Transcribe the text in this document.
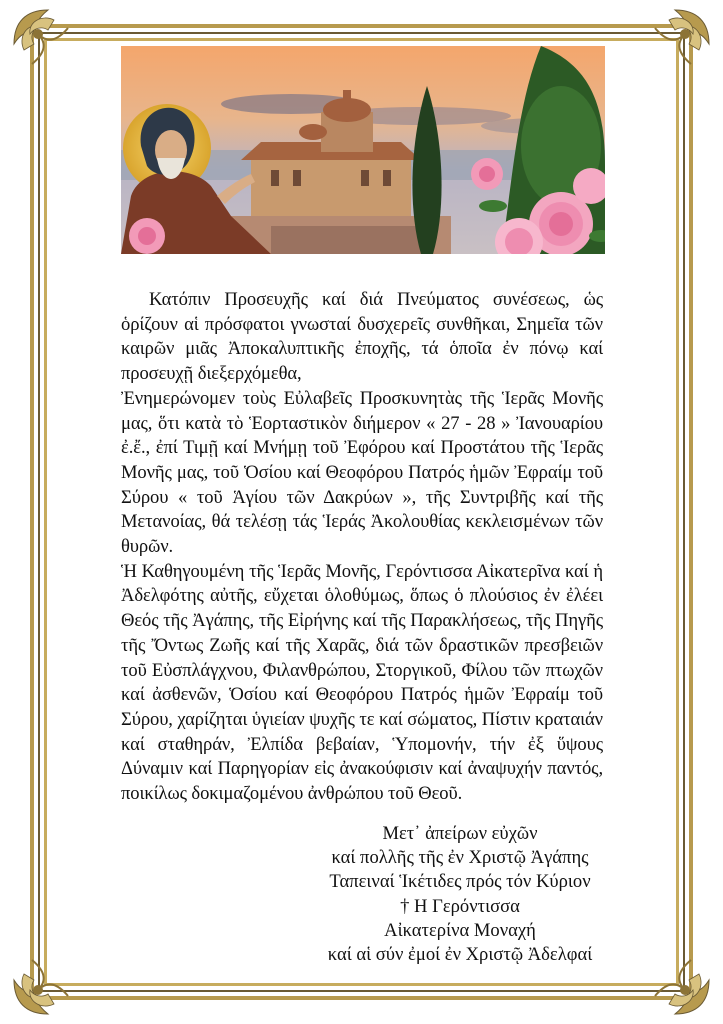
Κατόπιν Προσευχῆς καί διά Πνεύματος συνέσεως, ὡς ὁρίζουν αἱ πρόσφατοι γνωσταί δυσχερεῖς συνθῆκαι, Σημεῖα τῶν καιρῶν μιᾶς Ἀποκαλυπτικῆς ἐποχῆς, τά ὁποῖα ἐν πόνῳ καί προσευχῇ διεξερχόμεθα,

Ἐνημερώνομεν τοὺς Εὐλαβεῖς Προσκυνητὰς τῆς Ἱερᾶς Μονῆς μας, ὅτι κατὰ τὸ Ἑορταστικὸν διήμερον « 27 - 28 » Ἰανουαρίου ἐ.ἔ., ἐπί Τιμῇ καί Μνήμῃ τοῦ Ἐφόρου καί Προστάτου τῆς Ἱερᾶς Μονῆς μας, τοῦ Ὁσίου καί Θεοφόρου Πατρός ἡμῶν Ἐφραίμ τοῦ Σύρου « τοῦ Ἁγίου τῶν Δακρύων », τῆς Συντριβῆς καί τῆς Μετανοίας, θά τελέσῃ τάς Ἱεράς Ἀκολουθίας κεκλεισμένων τῶν θυρῶν.

Ἡ Καθηγουμένη τῆς Ἱερᾶς Μονῆς, Γερόντισσα Αἰκατερῖνα καί ἡ Ἀδελφότης αὐτῆς, εὔχεται ὁλοθύμως, ὅπως ὁ πλούσιος ἐν ἐλέει Θεός τῆς Ἀγάπης, τῆς Εἰρήνης καί τῆς Παρακλήσεως, τῆς Πηγῆς τῆς Ὄντως Ζωῆς καί τῆς Χαρᾶς, διά τῶν δραστικῶν πρεσβειῶν τοῦ Εὐσπλάγχνου, Φιλανθρώπου, Στοργικοῦ, Φίλου τῶν πτωχῶν καί ἀσθενῶν, Ὁσίου καί Θεοφόρου Πατρός ἡμῶν Ἐφραίμ τοῦ Σύρου, χαρίζηται ὑγιείαν ψυχῆς τε καί σώματος, Πίστιν κραταιάν καί σταθηράν, Ἐλπίδα βεβαίαν, Ὑπομονήν, τήν ἐξ ὕψους Δύναμιν καί Παρηγορίαν εἰς ἀνακούφισιν καί ἀναψυχήν παντός, ποικίλως δοκιμαζομένου ἀνθρώπου τοῦ Θεοῦ.

Μετ᾽ ἀπείρων εὐχῶν
καί πολλῆς τῆς ἐν Χριστῷ Ἀγάπης
Ταπειναί Ἱκέτιδες πρός τόν Κύριον
† Η Γερόντισσα
Αἰκατερίνα Μοναχή
καί αἱ σύν ἐμοί ἐν Χριστῷ Ἀδελφαί
